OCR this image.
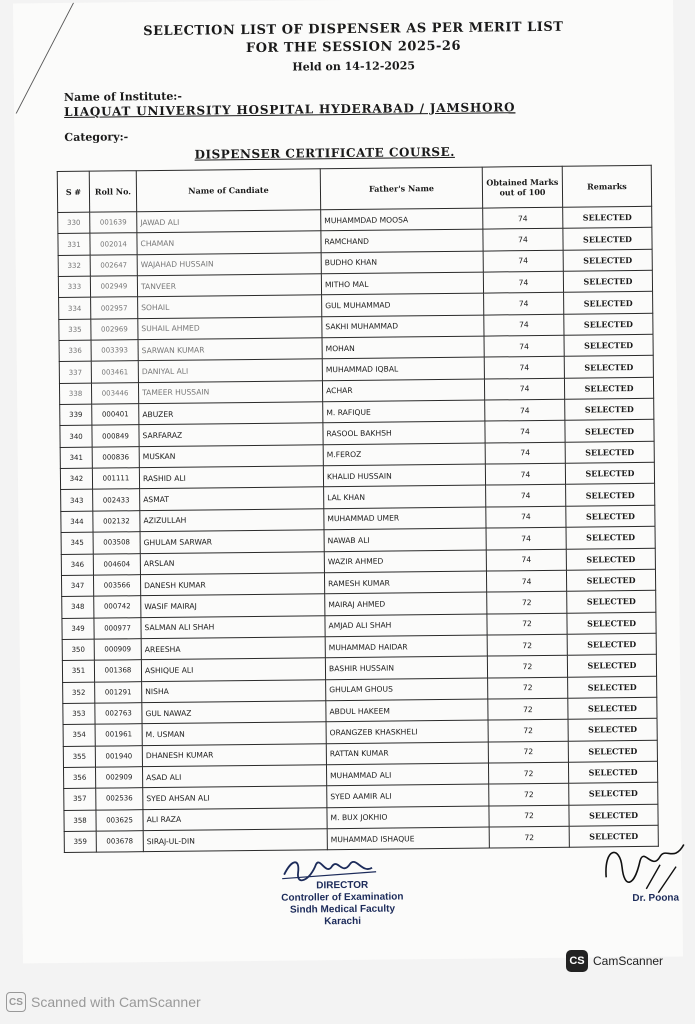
SELECTION LIST OF DISPENSER AS PER MERIT LIST
FOR THE SESSION 2025-26
Held on 14-12-2025
Name of Institute:-
LIAQUAT UNIVERSITY HOSPITAL HYDERABAD / JAMSHORO
Category:-
DISPENSER CERTIFICATE COURSE.
S #	Roll No.	Name of Candiate	Father's Name	Obtained Marks
out of 100	Remarks
330	001639	JAWAD ALI	MUHAMMDAD MOOSA	74	SELECTED
331	002014	CHAMAN	RAMCHAND	74	SELECTED
332	002647	WAJAHAD HUSSAIN	BUDHO KHAN	74	SELECTED
333	002949	TANVEER	MITHO MAL	74	SELECTED
334	002957	SOHAIL	GUL MUHAMMAD	74	SELECTED
335	002969	SUHAIL AHMED	SAKHI MUHAMMAD	74	SELECTED
336	003393	SARWAN KUMAR	MOHAN	74	SELECTED
337	003461	DANIYAL ALI	MUHAMMAD IQBAL	74	SELECTED
338	003446	TAMEER HUSSAIN	ACHAR	74	SELECTED
339	000401	ABUZER	M. RAFIQUE	74	SELECTED
340	000849	SARFARAZ	RASOOL BAKHSH	74	SELECTED
341	000836	MUSKAN	M.FEROZ	74	SELECTED
342	001111	RASHID ALI	KHALID HUSSAIN	74	SELECTED
343	002433	ASMAT	LAL KHAN	74	SELECTED
344	002132	AZIZULLAH	MUHAMMAD UMER	74	SELECTED
345	003508	GHULAM SARWAR	NAWAB ALI	74	SELECTED
346	004604	ARSLAN	WAZIR AHMED	74	SELECTED
347	003566	DANESH KUMAR	RAMESH KUMAR	74	SELECTED
348	000742	WASIF MAIRAJ	MAIRAJ AHMED	72	SELECTED
349	000977	SALMAN ALI SHAH	AMJAD ALI SHAH	72	SELECTED
350	000909	AREESHA	MUHAMMAD HAIDAR	72	SELECTED
351	001368	ASHIQUE ALI	BASHIR HUSSAIN	72	SELECTED
352	001291	NISHA	GHULAM GHOUS	72	SELECTED
353	002763	GUL NAWAZ	ABDUL HAKEEM	72	SELECTED
354	001961	M. USMAN	ORANGZEB KHASKHELI	72	SELECTED
355	001940	DHANESH KUMAR	RATTAN KUMAR	72	SELECTED
356	002909	ASAD ALI	MUHAMMAD ALI	72	SELECTED
357	002536	SYED AHSAN ALI	SYED AAMIR ALI	72	SELECTED
358	003625	ALI RAZA	M. BUX JOKHIO	72	SELECTED
359	003678	SIRAJ-UL-DIN	MUHAMMAD ISHAQUE	72	SELECTED
DIRECTOR
Controller of Examination
Sindh Medical Faculty
Karachi
Dr. Poona
CS CamScanner
CS Scanned with CamScanner
